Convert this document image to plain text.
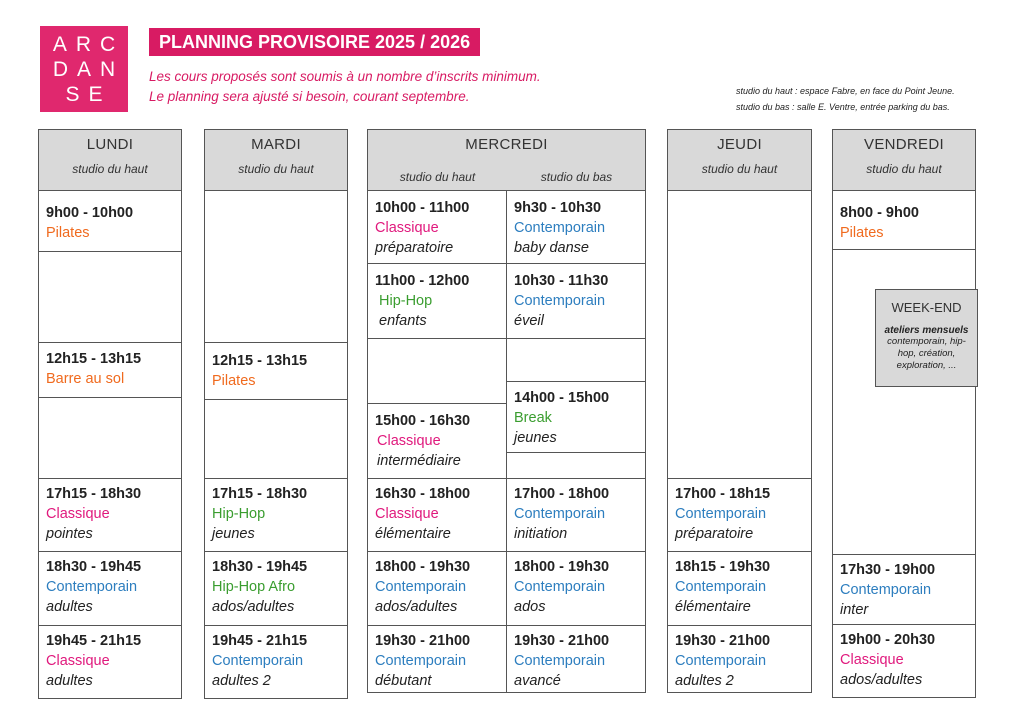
ARC
DAN
SE
PLANNING PROVISOIRE 2025 / 2026
Les cours proposés sont soumis à un nombre d’inscrits minimum.
Le planning sera ajusté si besoin, courant septembre.	studio du haut : espace Fabre, en face du Point Jeune.
studio du bas : salle E. Ventre, entrée parking du bas.
LUNDI
studio du haut
9h00 - 10h00
Pilates
12h15 - 13h15
Barre au sol
17h15 - 18h30
Classique
pointes
18h30 - 19h45
Contemporain
adultes
19h45 - 21h15
Classique
adultes
MARDI
studio du haut
12h15 - 13h15
Pilates
17h15 - 18h30
Hip-Hop
jeunes
18h30 - 19h45
Hip-Hop Afro
ados/adultes
19h45 - 21h15
Contemporain
adultes 2
MERCREDI
studio du haut	studio du bas
10h00 - 11h00
Classique
préparatoire
11h00 - 12h00
Hip-Hop
enfants
15h00 - 16h30
Classique
intermédiaire
16h30 - 18h00
Classique
élémentaire
18h00 - 19h30
Contemporain
ados/adultes
19h30 - 21h00
Contemporain
débutant
9h30 - 10h30
Contemporain
baby danse
10h30 - 11h30
Contemporain
éveil
14h00 - 15h00
Break
jeunes
17h00 - 18h00
Contemporain
initiation
18h00 - 19h30
Contemporain
ados
19h30 - 21h00
Contemporain
avancé
JEUDI
studio du haut
17h00 - 18h15
Contemporain
préparatoire
18h15 - 19h30
Contemporain
élémentaire
19h30 - 21h00
Contemporain
adultes 2
VENDREDI
studio du haut
8h00 - 9h00
Pilates
17h30 - 19h00
Contemporain
inter
19h00 - 20h30
Classique
ados/adultes
WEEK-END
ateliers mensuels
contemporain, hip-hop, création, exploration, ...
